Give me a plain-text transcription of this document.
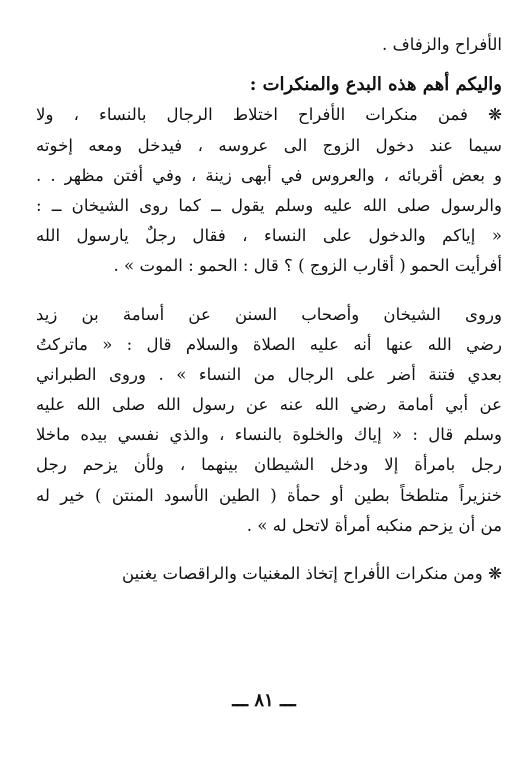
الأفراح والزفاف .
واليكم أهم هذه البدع والمنكرات :
❋ فمن منكرات الأفراح اختلاط الرجال بالنساء ، ولا
سيما عند دخول الزوج الى عروسه ، فيدخل ومعه إخوته
و بعض أقربائه ، والعروس في أبهى زينة ، وفي أفتن مظهر . .
والرسول صلى الله عليه وسلم يقول ــ كما روى الشيخان ــ :
« إياكم والدخول على النساء ، فقال رجلٌ يارسول الله
أفرأيت الحمو ( أقارب الزوج ) ؟ قال : الحمو : الموت » .
وروى الشيخان وأصحاب السنن عن أسامة بن زيد
رضي الله عنها أنه عليه الصلاة والسلام قال : « ماتركتُ
بعدي فتنة أضر على الرجال من النساء » . وروى الطبراني
عن أبي أمامة رضي الله عنه عن رسول الله صلى الله عليه
وسلم قال : « إياك والخلوة بالنساء ، والذي نفسي بيده ماخلا
رجل بامرأة إلا ودخل الشيطان بينهما ، ولأن يزحم رجل
خنزيراً متلطخاً بطين أو حمأة ( الطين الأسود المنتن ) خير له
من أن يزحم منكبه أمرأة لاتحل له » .
❋ ومن منكرات الأفراح إتخاذ المغنيات والراقصات يغنين
ـــ ٨١ ـــ
